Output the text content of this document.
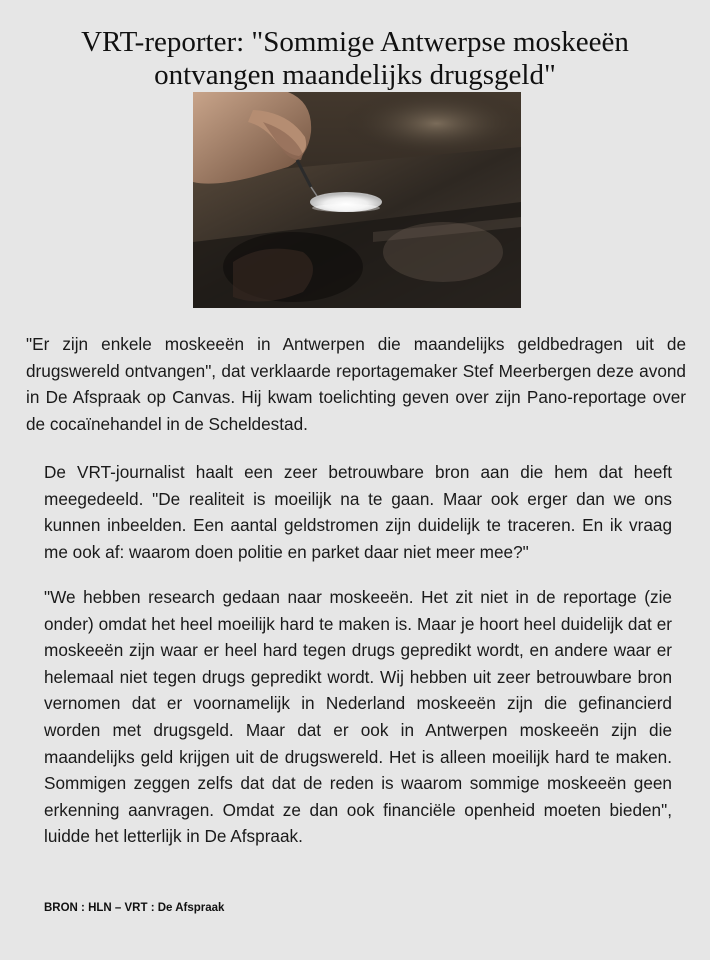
VRT-reporter: "Sommige Antwerpse moskeeën
ontvangen maandelijks drugsgeld"

"Er zijn enkele moskeeën in Antwerpen die maandelijks geldbedragen uit de drugswereld ontvangen", dat verklaarde reportagemaker Stef Meerbergen deze avond in De Afspraak op Canvas. Hij kwam toelichting geven over zijn Pano-reportage over de cocaïnehandel in de Scheldestad.

De VRT-journalist haalt een zeer betrouwbare bron aan die hem dat heeft meegedeeld. "De realiteit is moeilijk na te gaan. Maar ook erger dan we ons kunnen inbeelden. Een aantal geldstromen zijn duidelijk te traceren. En ik vraag me ook af: waarom doen politie en parket daar niet meer mee?"

"We hebben research gedaan naar moskeeën. Het zit niet in de reportage (zie onder) omdat het heel moeilijk hard te maken is. Maar je hoort heel duidelijk dat er moskeeën zijn waar er heel hard tegen drugs gepredikt wordt, en andere waar er helemaal niet tegen drugs gepredikt wordt. Wij hebben uit zeer betrouwbare bron vernomen dat er voornamelijk in Nederland moskeeën zijn die gefinancierd worden met drugsgeld. Maar dat er ook in Antwerpen moskeeën zijn die maandelijks geld krijgen uit de drugswereld. Het is alleen moeilijk hard te maken. Sommigen zeggen zelfs dat dat de reden is waarom sommige moskeeën geen erkenning aanvragen. Omdat ze dan ook financiële openheid moeten bieden", luidde het letterlijk in De Afspraak.

BRON : HLN – VRT : De Afspraak
